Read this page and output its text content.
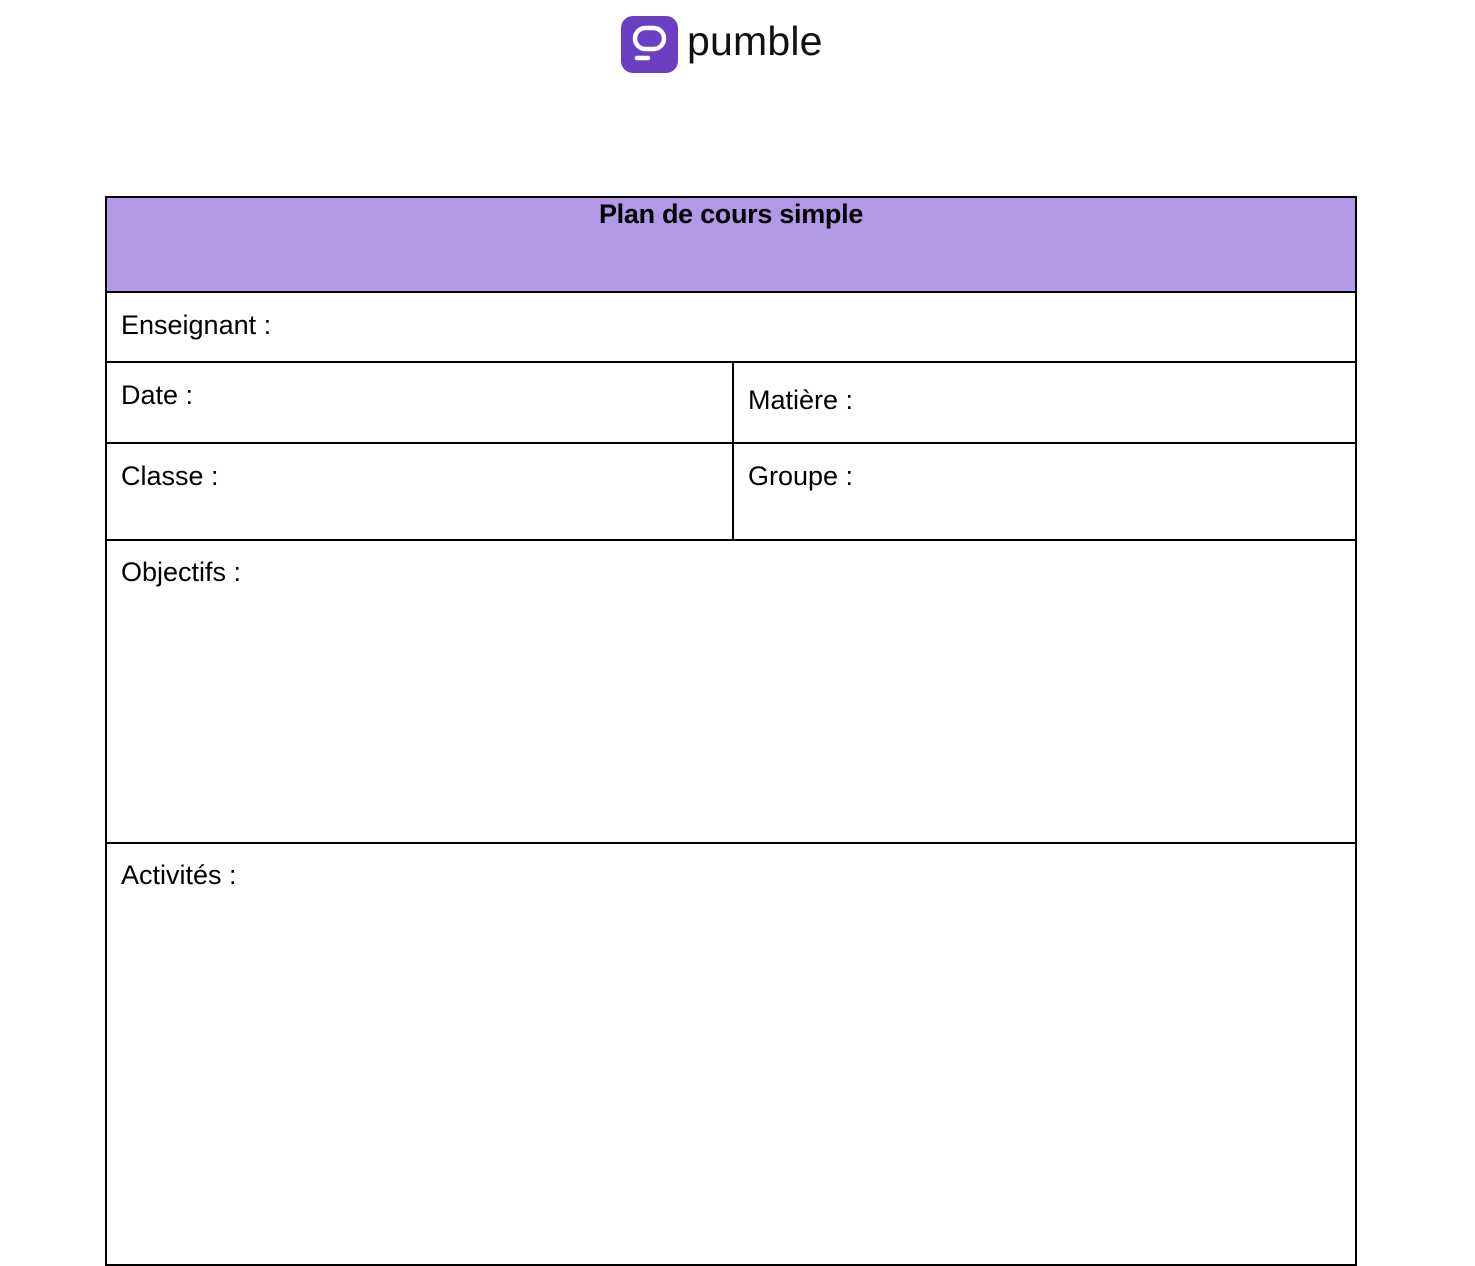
pumble
Plan de cours simple	

Enseignant :	

Date :	Matière :

Classe :	Groupe :

Objectifs :	

Activités :	
